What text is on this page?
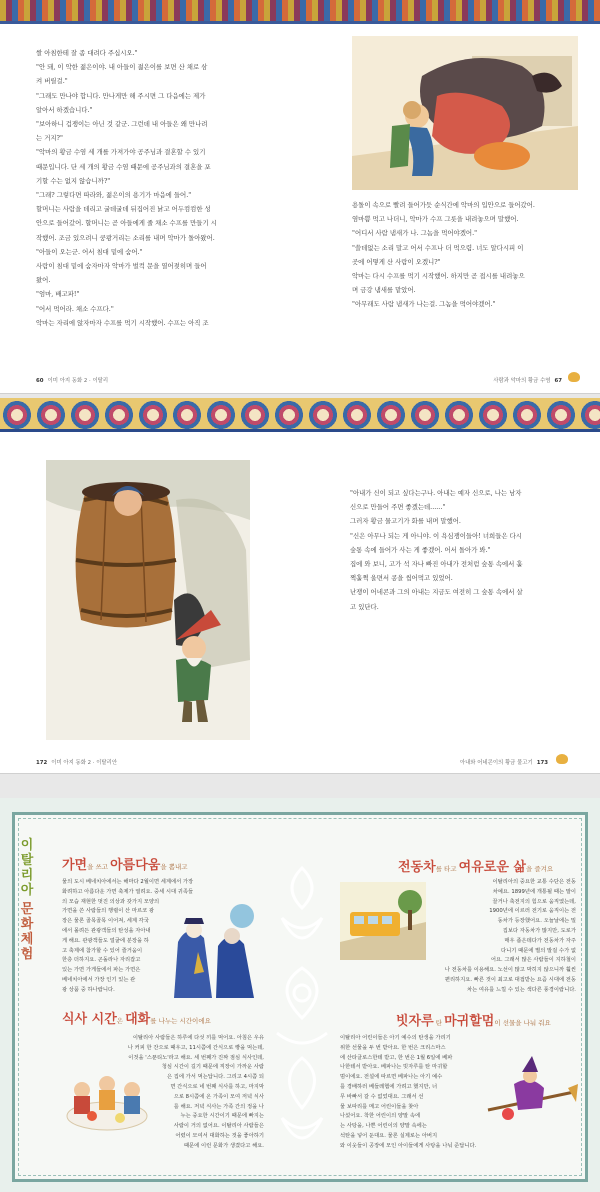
쌀 아침한테 잘 좀 대려다 주십시오."

"안 돼, 이 악한 젊은이야. 내 아들이 젊은이를 보면 산 채로 삼

켜 버릴걸."

"그래도 만나야 합니다. 만나게만 해 주시면 그 다음에는 제가

알아서 하겠습니다."

"보아하니 겁쟁이는 아닌 것 같군. 그런데 내 아들은 왜 만나려

는 거지?"

"악마의 황금 수염 세 개를 가져가야 공주님과 결혼할 수 있기

때문입니다. 단 세 개의 황금 수염 때문에 공주님과의 결혼을 포

기할 수는 없지 않습니까?"

"그래? 그렇다면 따라와, 젊은이의 용기가 마음에 들어."

할머니는 사람을 데리고 굴데굴데 뒤집어진 낡고 어두컴컴한 성

안으로 들어갔어. 할머니는 곧 아들에게 줄 채소 수프를 만들기 시

작했어. 조금 있으려니 쿵쾅거리는 소리를 내며 악마가 돌아왔어.

"아들이 오는군. 어서 침대 밑에 숨어."

사람이 침대 밑에 숨자마자 악마가 벌컥 문을 열어젖히며 들어

왔어.

"엄마, 배고파!"

"어서 먹어라. 채소 수프다."

악마는 자리에 앉자마자 수프를 먹기 시작했어. 수프는 아직 조

용돌이 속으로 빨려 들어가듯 순식간에 악마의 입안으로 들어갔어.

염마쁨 먹고 나더니, 악마가 수프 그릇을 내려놓으며 말했어.

"어디서 사람 냄새가 나. 그놈을 먹어야겠어."

"쓸데없는 소리 말고 어서 수프나 더 먹으렴. 너도 알다시피 이

곳에 어떻게 산 사람이 오겠니?"

악마는 다시 수프를 먹기 시작했어. 하지만 곧 접시를 내려놓으

며 금강 냄새를 맡았어.

"아무래도 사람 냄새가 나는걸. 그놈을 먹어야겠어."

60 이미 아지 동화 2 · 이탈리	사람과 악마의 황금 수염 67

"아내가 신이 되고 싶다는구나. 아내는 예자 신으로, 나는 남자

신으로 만들어 주면 좋겠는데......"

그러자 황금 물고기가 화를 내며 말했어.

"신은 아무나 되는 게 아니야. 이 욕심쟁이들아! 너희들은 다시

숲통 속에 들어가 사는 게 좋겠어. 어서 돌아가 봐."

집에 와 보니, 고가 석 자나 빠진 아내가 전처럼 숲통 속에서 훌

쩍훌쩍 울면서 콩을 씹어먹고 있었어.

난쟁이 어네콘과 그의 아내는 지금도 여전히 그 숲통 속에서 살

고 있단다.

172 이미 아지 동화 2 · 이탈리안	아내와 어네콘이의 황금 물고기 173
이
탈
리
아
문
화
체
험
가면을 쓰고 아름다움을 뽐내고

물의 도시 베네치아에서는 해마다 2월이면 세계에서 가장

화려하고 아름다운 가면 축제가 열려요. 중세 시대 귀족들

의 모습 재현한 멋진 의상과 갖가지 모양의

가면을 쓴 사람들의 행렬이 산 마르코 광

장은 물론 골목골목 이어져, 세계 각국

에서 몰려든 관광객들의 탄성을 자아내

게 해요. 관광객들도 얼굴에 분장을 하

고 축제에 참가할 수 있어 즐거움이

한층 더하지요. 곤돌라나 자리잡고

있는 가면 가게들에서 파는 가면은

베네치아에서 가장 인기 있는 관

광 상품 중 하나랍니다.

식사 시간은 대화를 나누는 시간이에요

이탈리아 사람들은 하루에 다섯 끼를 먹어요. 아침은 우유

나 커피 한 잔으로 때우고, 11시쯤에 간식으로 빵을 먹는데,

이것을 '스푼티노'라고 해요. 세 번째가 진짜 점심 식사인데,

청심 시간이 길기 때문에 직장이 가까운 사람

은 집에 가서 먹는답니다. 그리고 4시쯤 되

면 간식으로 네 번째 식사를 하고, 마지막

으로 8시쯤에 온 가족이 모여 저녁 식사

를 해요. 저녁 식사는 가족 간의 정을 나

누는 중요한 시간이기 때문에 빠지는

사람이 거의 없어요. 이탈리아 사람들은

어렸이 모여서 대화하는 것을 좋아하기

때문에 이런 문화가 생겼다고 해요.

전동차를 타고 여유로운 삶을 즐겨요

이탈리아의 중요한 교통 수단은 전동

차예요. 1899년에 개통될 때는 말이

끌거나 축전지의 힘으로 움직였는데,

1900년에 이르러 전기로 움직이는 전

동차가 등장했어요. 오늘날에는 밀

집보다 자동차가 많지만, 도로가

매우 좁은데다가 전동차가 자주

다니기 때문에 별의 발걸 수가 없

어요. 그래서 많은 사람들이 지하철이

나 전동차를 이용해요. 노선이 많고 막히지 않으니까 훨씬

편리하지요. 빠른 것이 최고로 대접받는 요즘 시대에 전동

차는 여유를 느낄 수 있는 색다른 풍경이랍니다.

빗자루 탄 마귀할멈이 선물을 나눠 줘요

이탈리아 어린이들은 아기 예수의 탄생을 가리기

위한 선물을 두 번 받아요. 한 번은 크리스마스

에 산타클로스한테 받고, 한 번은 1월 6일에 베파

나한테서 받아요. 베파나는 빗자루를 탄 마귀할

멈이에요. 전설에 따르면 베파나는 아기 예수

를 경배하러 베들레헴에 가려고 했지만, 너

무 바빠서 갈 수 없었대요. 그래서 선

물 보따리를 메고 어린이들을 찾아

나섰어요. 착한 어린이의 양말 속에

는 사탕을, 나쁜 어린이의 양말 속에는

석탄을 넣어 둔대요. 물론 실제로는 아버지

와 이웃들이 공장에 모인 아이들에게 사탕을 나눠 준답니다.
